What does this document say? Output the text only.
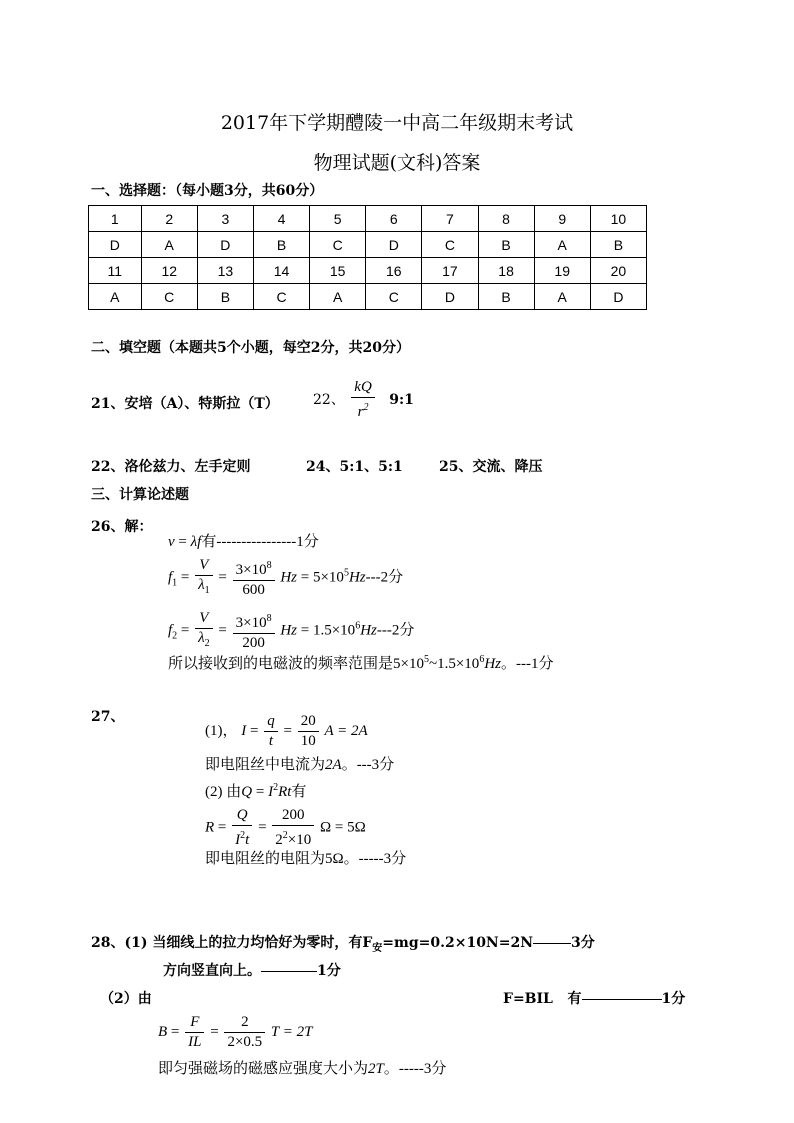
2017年下学期醴陵一中高二年级期末考试
物理试题(文科)答案
一、选择题：（每小题3分，共60分）
1	2	3	4	5	6	7	8	9	10
D	A	D	B	C	D	C	B	A	B
11	12	13	14	15	16	17	18	19	20
A	C	B	C	A	C	D	B	A	D
二、填空题（本题共5个小题，每空2分，共20分）
21、安培（A）、特斯拉（T） 22、 $\frac{kQ}{r^2}$ 9:1
22、洛伦兹力、左手定则	24、5:1、5:1	25、交流、降压
三、计算论述题
26、解：
v = λf有----------------1分
$f_1 = \frac{V}{\lambda_1} = \frac{3\times 10^8}{600}$ $Hz = 5\times 10^5Hz---2$分
$f_2 = \frac{V}{\lambda_2} = \frac{3\times 10^8}{200}$ $Hz = 1.5\times 10^6Hz---2$分
所以接收到的电磁波的频率范围是$5\times 10^5\sim 1.5\times 10^6Hz$。---1分
27、
(1)， $I = \frac{q}{t} = \frac{20}{10}$ A = 2A
即电阻丝中电流为2A。---3分
(2) 由$Q = I^2Rt$有
$R = \frac{Q}{I^2t} = \frac{200}{2^2\times 10}$ Ω = 5Ω
即电阻丝的电阻为5Ω。-----3分
28、(1) 当细线上的拉力均恰好为零时，有$F_安=mg=0.2\times 10N=2N$	3分
方向竖直向上。	1分
（2）由	F=BIL 有	1分
$B = \frac{F}{IL} = \frac{2}{2\times 0.5}$ T = 2T
即匀强磁场的磁感应强度大小为2T。-----3分
